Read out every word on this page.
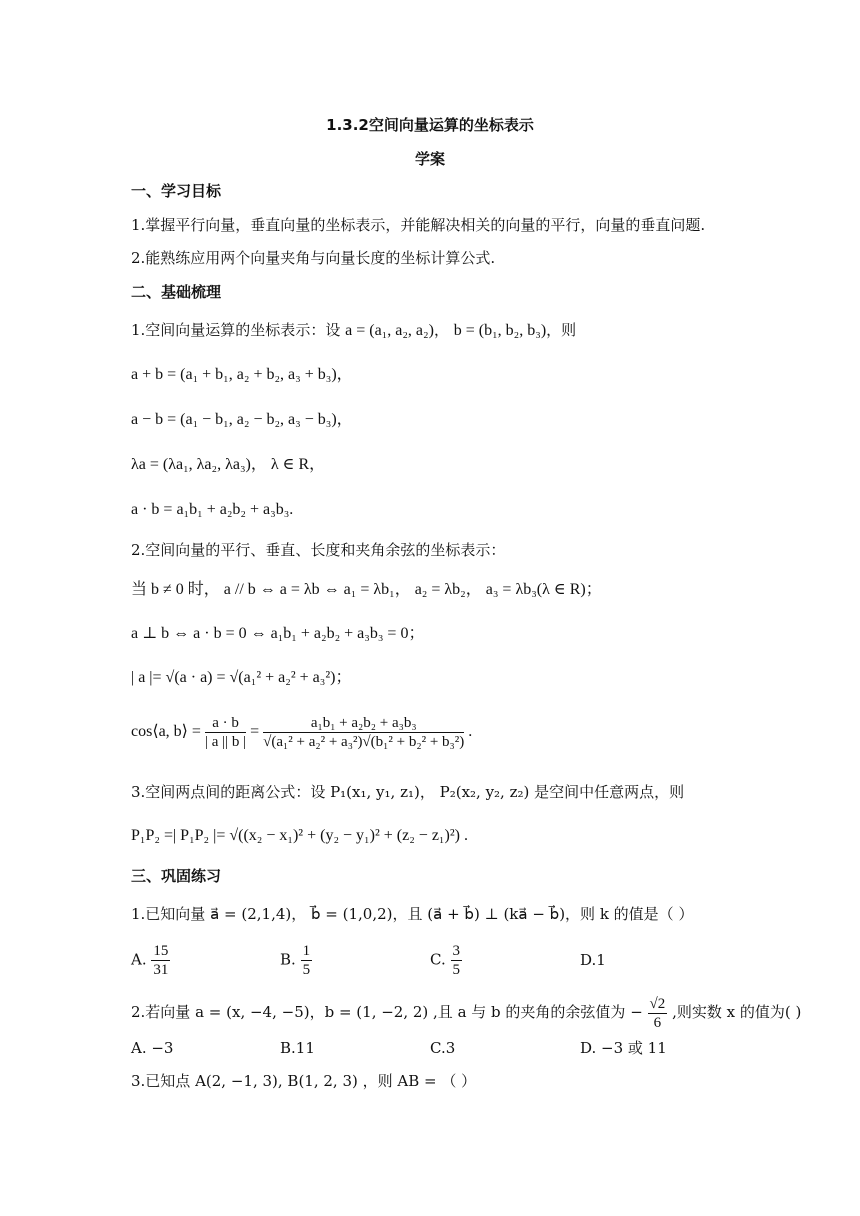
1.3.2空间向量运算的坐标表示
学案
一、学习目标
1.掌握平行向量，垂直向量的坐标表示，并能解决相关的向量的平行，向量的垂直问题.
2.能熟练应用两个向量夹角与向量长度的坐标计算公式.
二、基础梳理
1.空间向量运算的坐标表示：设 a = (a₁, a₂, a₂)， b = (b₁, b₂, b₃)，则
a + b = (a₁ + b₁, a₂ + b₂, a₃ + b₃)，
a − b = (a₁ − b₁, a₂ − b₂, a₃ − b₃)，
λa = (λa₁, λa₂, λa₃)， λ ∈ R，
a · b = a₁b₁ + a₂b₂ + a₃b₃.
2.空间向量的平行、垂直、长度和夹角余弦的坐标表示：
当 b ≠ 0 时， a // b ⇔ a = λb ⇔ a₁ = λb₁， a₂ = λb₂， a₃ = λb₃(λ ∈ R)；
a ⊥ b ⇔ a · b = 0 ⇔ a₁b₁ + a₂b₂ + a₃b₃ = 0；
| a |= √(a · a) = √(a₁² + a₂² + a₃²)；
cos⟨a, b⟩ = $\frac{a \cdot b}{| a || b |} = \frac{\text{a₁b₁ + a₂b₂ + a₃b₃}}{\text{√(a₁² + a₂² + a₃²)√(b₁² + b₂² + b₃²)}}$ .
3.空间两点间的距离公式：设 P₁(x₁, y₁, z₁)， P₂(x₂, y₂, z₂) 是空间中任意两点，则
P₁P₂ =| P₁P₂ |= √((x₂ − x₁)² + (y₂ − y₁)² + (z₂ − z₁)²) .
三、巩固练习
1.已知向量 a⃗ = (2,1,4)， b⃗ = (1,0,2)，且 (a⃗ + b⃗) ⊥ (ka⃗ − b⃗)，则 k 的值是（ ）
A. $\frac{15}{31}$	B. $\frac{1}{5}$	C. $\frac{3}{5}$	D.1
2.若向量 a = (x, −4, −5)，b = (1, −2, 2) ,且 a 与 b 的夹角的余弦值为 − $\frac{√2}{6}$ ,则实数 x 的值为( )
A. −3	B.11	C.3	D. −3 或 11
3.已知点 A(2, −1, 3), B(1, 2, 3) ，则 AB = （ ）
